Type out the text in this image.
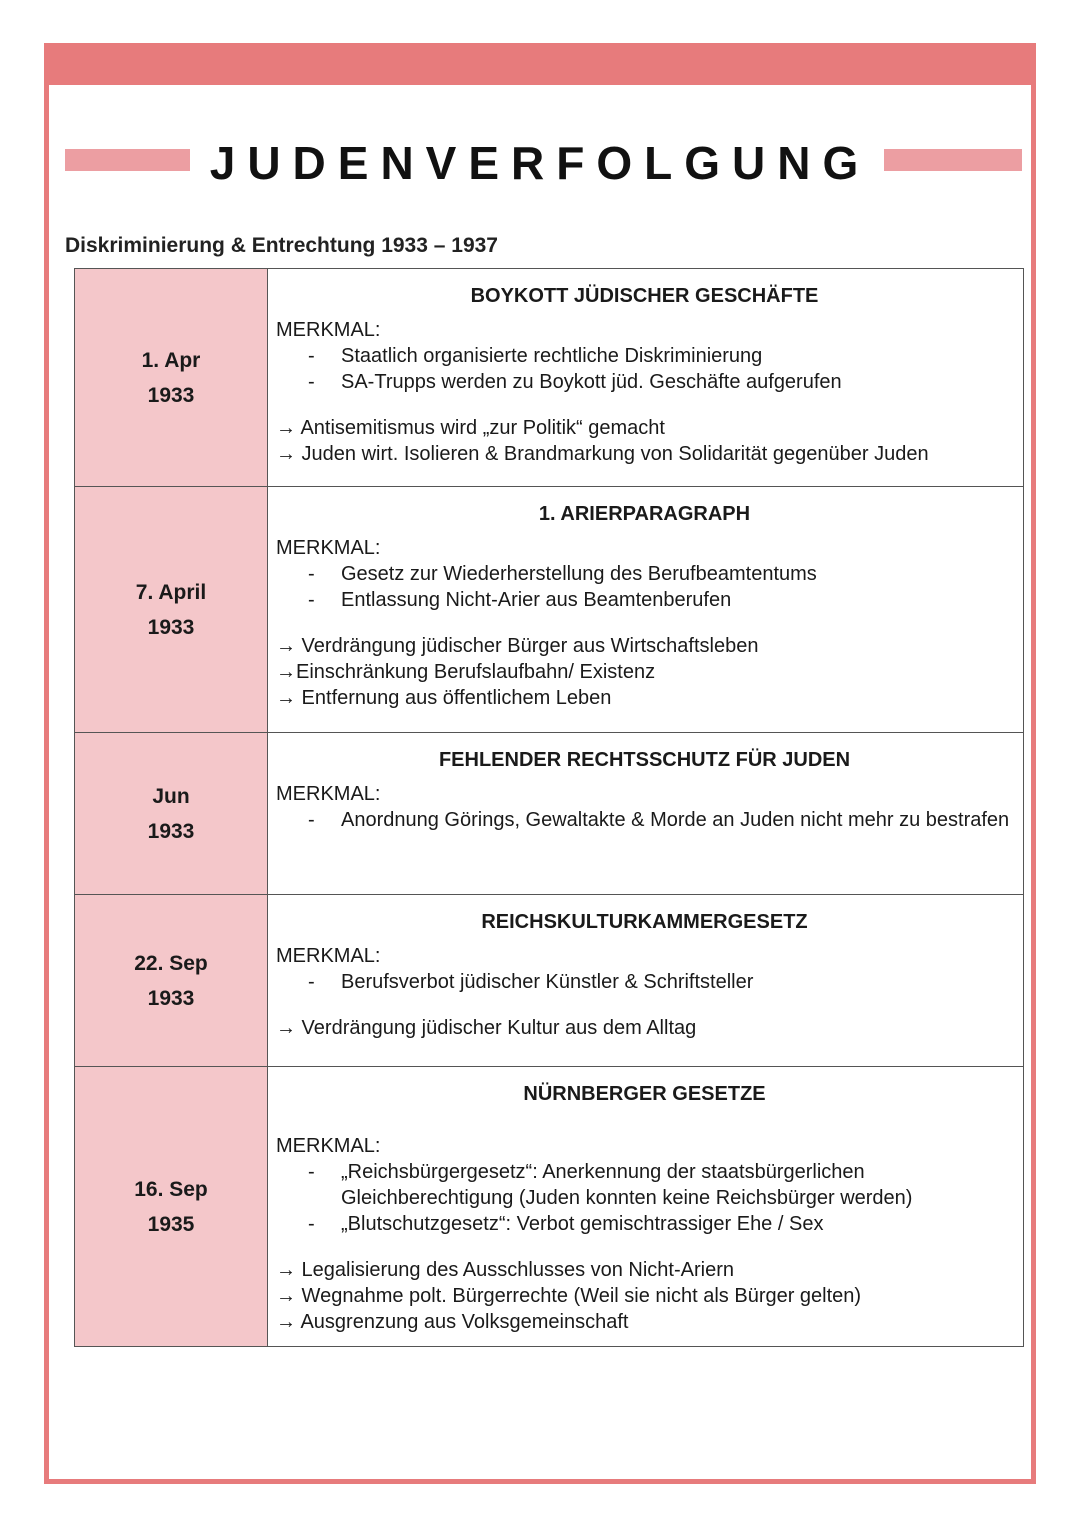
JUDENVERFOLGUNG
Diskriminierung & Entrechtung 1933 – 1937
1. Apr
1933
BOYKOTT JÜDISCHER GESCHÄFTE
MERKMAL:
- Staatlich organisierte rechtliche Diskriminierung
- SA-Trupps werden zu Boykott jüd. Geschäfte aufgerufen
→ Antisemitismus wird „zur Politik“ gemacht
→ Juden wirt. Isolieren & Brandmarkung von Solidarität gegenüber Juden
7. April
1933
1. ARIERPARAGRAPH
MERKMAL:
- Gesetz zur Wiederherstellung des Berufbeamtentums
- Entlassung Nicht-Arier aus Beamtenberufen
→ Verdrängung jüdischer Bürger aus Wirtschaftsleben
→Einschränkung Berufslaufbahn/ Existenz
→ Entfernung aus öffentlichem Leben
Jun
1933
FEHLENDER RECHTSSCHUTZ FÜR JUDEN
MERKMAL:
- Anordnung Görings, Gewaltakte & Morde an Juden nicht mehr zu bestrafen
22. Sep
1933
REICHSKULTURKAMMERGESETZ
MERKMAL:
- Berufsverbot jüdischer Künstler & Schriftsteller
→ Verdrängung jüdischer Kultur aus dem Alltag
16. Sep
1935
NÜRNBERGER GESETZE
MERKMAL:
- „Reichsbürgergesetz“: Anerkennung der staatsbürgerlichen Gleichberechtigung (Juden konnten keine Reichsbürger werden)
- „Blutschutzgesetz“: Verbot gemischtrassiger Ehe / Sex
→ Legalisierung des Ausschlusses von Nicht-Ariern
→ Wegnahme polt. Bürgerrechte (Weil sie nicht als Bürger gelten)
→ Ausgrenzung aus Volksgemeinschaft
